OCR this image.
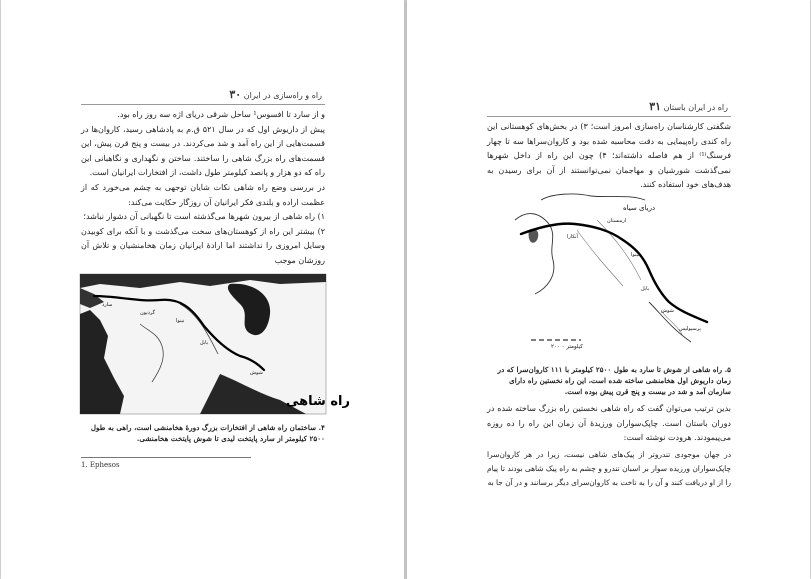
راه و راه‌سازی در ایران ۳۰

و از سارد تا افسوس¹ ساحل شرقی دریای اژه سه روز راه بود.

پیش از داریوش اول که در سال ۵۲۱ ق.م به پادشاهی رسید، کاروان‌ها در قسمت‌هایی از این راه آمد و شد می‌کردند. در بیست و پنج قرن پیش، این قسمت‌های راه بزرگ شاهی را ساختند. ساختن و نگهداری و نگاهبانی این راه که دو هزار و پانصد کیلومتر طول داشت، از افتخارات ایرانیان است.

در بررسی وضع راه شاهی نکات شایان توجهی به چشم می‌خورد که از عظمت اراده و بلندی فکر ایرانیان آن روزگار حکایت می‌کند:

۱) راه شاهی از بیرون شهرها می‌گذشته است تا نگهبانی آن دشوار نباشد؛

۲) بیشتر این راه از کوهستان‌های سخت می‌گذشت و با آنکه برای کوبیدن وسایل امروزی را نداشتند اما ارادهٔ ایرانیان زمان هخامنشیان و تلاش آن روزشان موجب

سارد
گردیون
نینوا
بابل
شوش
راه شاهی
۴. ساختمان راه شاهی از افتخارات بزرگ دورهٔ هخامنشی است، راهی به طول ۲۵۰۰ کیلومتر از سارد پایتخت لیدی تا شوش پایتخت هخامنشی.
1. Ephesos
راه در ایران باستان ۳۱

شگفتی کارشناسان راه‌سازی امروز است؛ ۳) در بخش‌های کوهستانی این راه کندی راه‌پیمایی به دقت محاسبه شده بود و کاروان‌سراها سه تا چهار فرسنگ⁽¹⁾ از هم فاصله داشته‌اند؛ ۴) چون این راه از داخل شهرها نمی‌گذشت شورشیان و مهاجمان نمی‌توانستند از آن برای رسیدن به هدف‌های خود استفاده کنند.

دریای سیاه
آنکارا
ارمنستان
نینوا
بابل
شوش
پرسپولیس
کیلومتر ۰ ۲۰۰
۵. راه شاهی از شوش تا سارد به طول ۲۵۰۰ کیلومتر با ۱۱۱ کاروان‌سرا که در زمان داریوش اول هخامنشی ساخته شده است، این راه نخستین راه دارای سازمان آمد و شد در بیست و پنج قرن پیش بوده است.

بدین ترتیب می‌توان گفت که راه شاهی نخستین راه بزرگ ساخته شده در دوران باستان است. چاپک‌سواران ورزیدهٔ آن زمان این راه را ده روزه می‌پیمودند. هرودت نوشته است:

در جهان موجودی تندروتر از پیک‌های شاهی نیست، زیرا در هر کاروان‌سرا چاپک‌سواران ورزیده سوار بر اسبان تندرو و چشم به راه پیک شاهی بودند تا پیام را از او دریافت کنند و آن را به تاخت به کاروان‌سرای دیگر برسانند و در آن جا به
